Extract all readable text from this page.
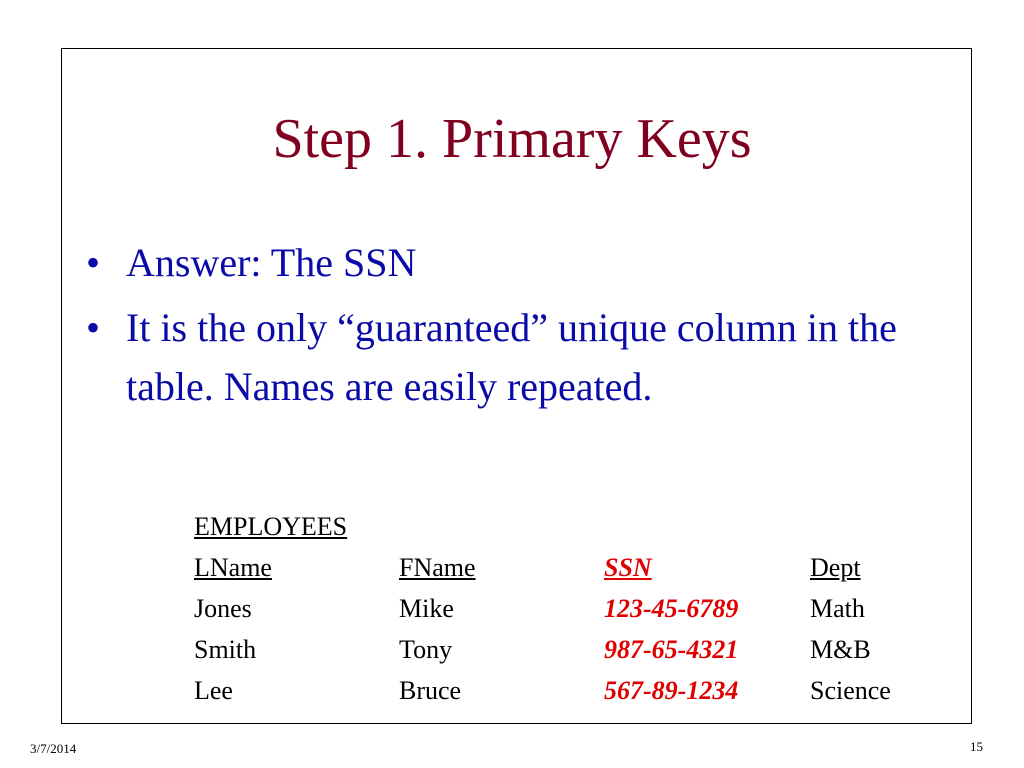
Step 1. Primary Keys
• Answer: The SSN
• It is the only “guaranteed” unique column in the table. Names are easily repeated.
EMPLOYEES
LName	FName	SSN	Dept
Jones	Mike	123-45-6789	Math
Smith	Tony	987-65-4321	M&B
Lee	Bruce	567-89-1234	Science
3/7/2014	15
